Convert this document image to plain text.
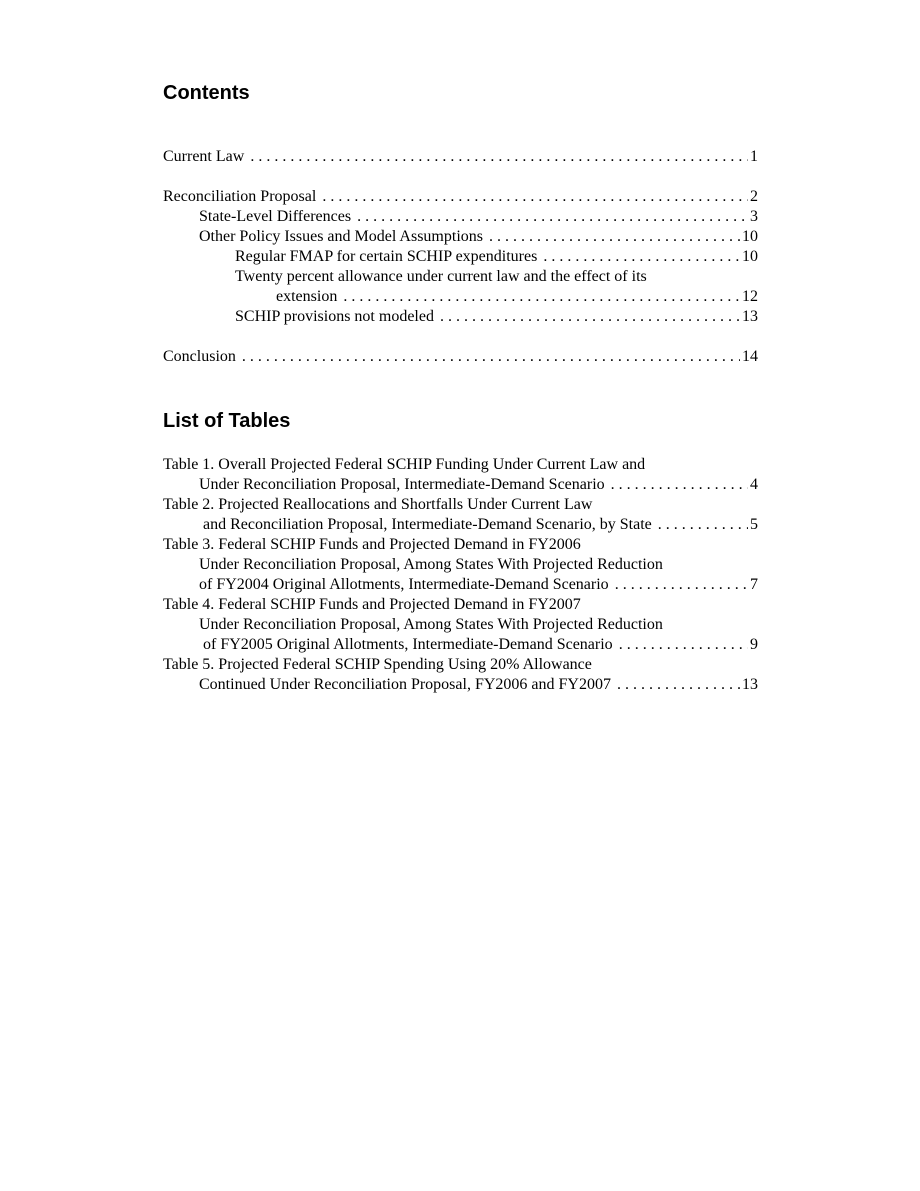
Contents
Current Law . . .	1
Reconciliation Proposal . . .	2
State-Level Differences . . .	3
Other Policy Issues and Model Assumptions . . .	10
Regular FMAP for certain SCHIP expenditures . . .	10
Twenty percent allowance under current law and the effect of its
extension . . .	12
SCHIP provisions not modeled . . .	13
Conclusion . . .	14
List of Tables
Table 1. Overall Projected Federal SCHIP Funding Under Current Law and
Under Reconciliation Proposal, Intermediate-Demand Scenario . . .	4
Table 2. Projected Reallocations and Shortfalls Under Current Law
and Reconciliation Proposal, Intermediate-Demand Scenario, by State . . .	5
Table 3. Federal SCHIP Funds and Projected Demand in FY2006
Under Reconciliation Proposal, Among States With Projected Reduction
of FY2004 Original Allotments, Intermediate-Demand Scenario . . .	7
Table 4. Federal SCHIP Funds and Projected Demand in FY2007
Under Reconciliation Proposal, Among States With Projected Reduction
of FY2005 Original Allotments, Intermediate-Demand Scenario . . .	9
Table 5. Projected Federal SCHIP Spending Using 20% Allowance
Continued Under Reconciliation Proposal, FY2006 and FY2007 . . .	13
